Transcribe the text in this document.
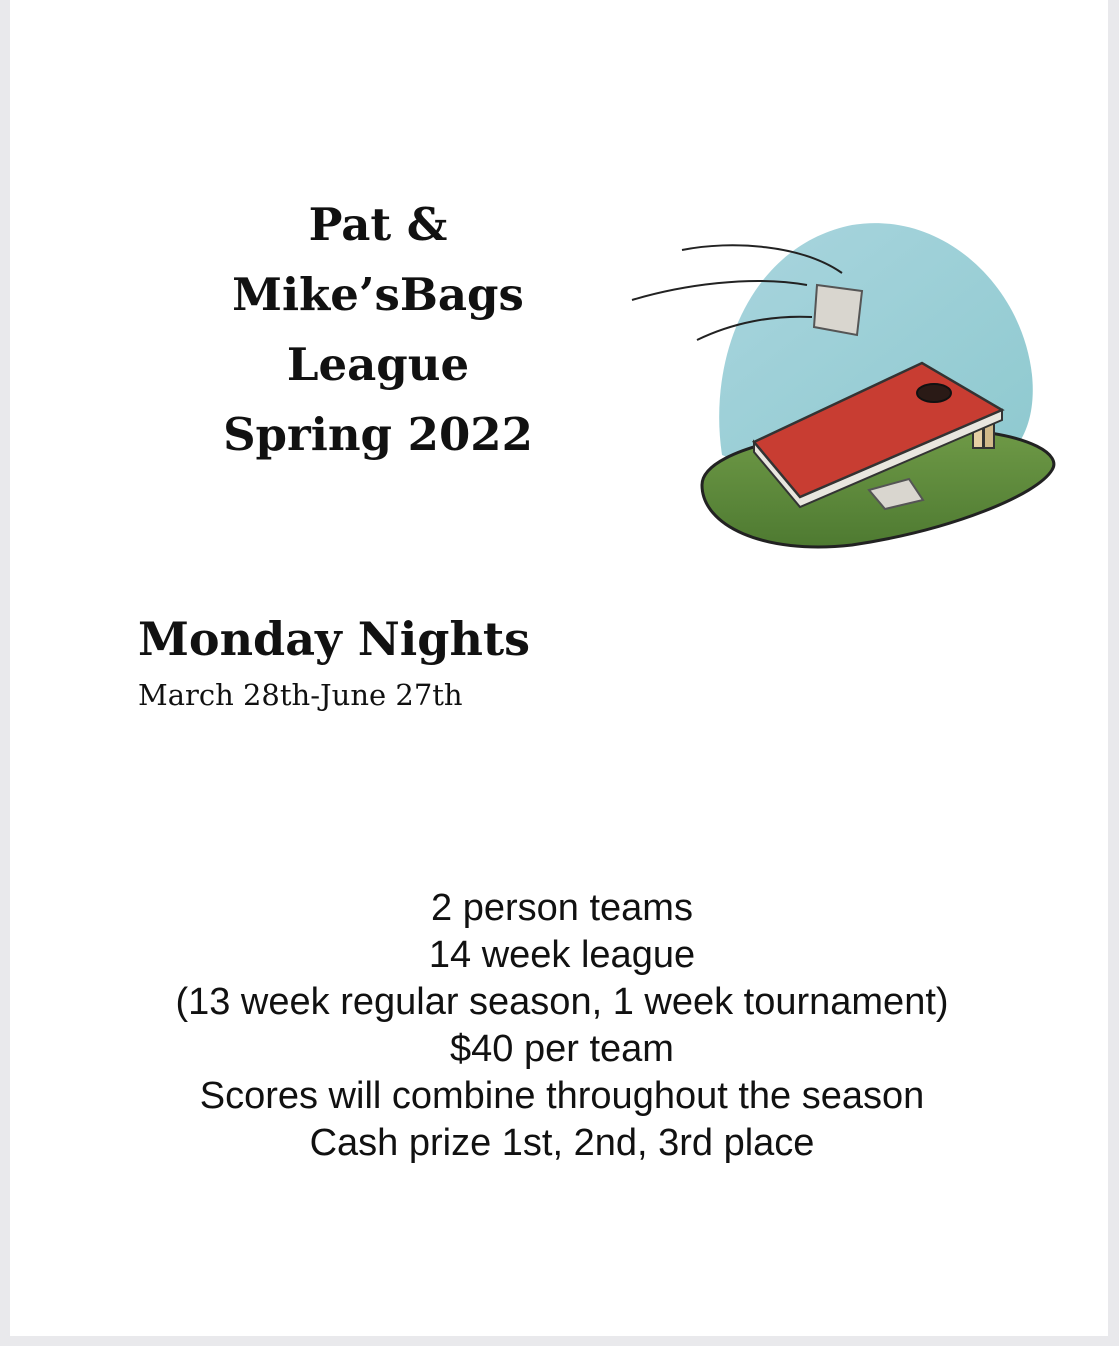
Pat &
Mike’sBags
League
Spring 2022
Monday Nights

March 28th-June 27th

2 person teams
14 week league
(13 week regular season, 1 week tournament)
$40 per team
Scores will combine throughout the season
Cash prize 1st, 2nd, 3rd place
